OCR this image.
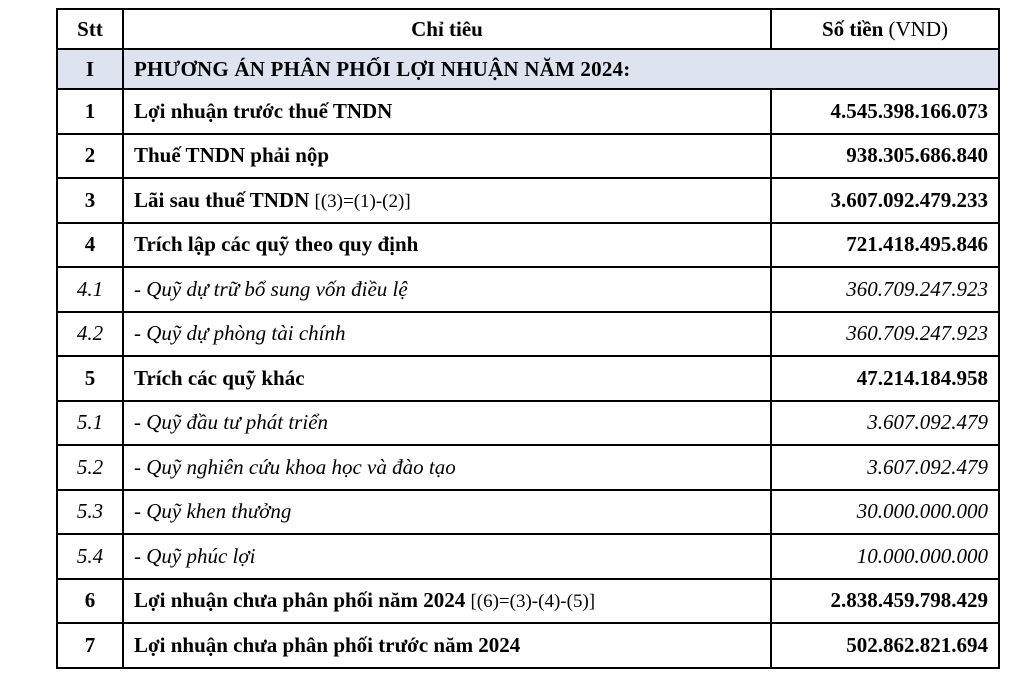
Stt	Chỉ tiêu	Số tiền (VND)
I	PHƯƠNG ÁN PHÂN PHỐI LỢI NHUẬN NĂM 2024:	
1	Lợi nhuận trước thuế TNDN	4.545.398.166.073
2	Thuế TNDN phải nộp	938.305.686.840
3	Lãi sau thuế TNDN [(3)=(1)-(2)]	3.607.092.479.233
4	Trích lập các quỹ theo quy định	721.418.495.846
4.1	- Quỹ dự trữ bổ sung vốn điều lệ	360.709.247.923
4.2	- Quỹ dự phòng tài chính	360.709.247.923
5	Trích các quỹ khác	47.214.184.958
5.1	- Quỹ đầu tư phát triển	3.607.092.479
5.2	- Quỹ nghiên cứu khoa học và đào tạo	3.607.092.479
5.3	- Quỹ khen thưởng	30.000.000.000
5.4	- Quỹ phúc lợi	10.000.000.000
6	Lợi nhuận chưa phân phối năm 2024 [(6)=(3)-(4)-(5)]	2.838.459.798.429
7	Lợi nhuận chưa phân phối trước năm 2024	502.862.821.694
